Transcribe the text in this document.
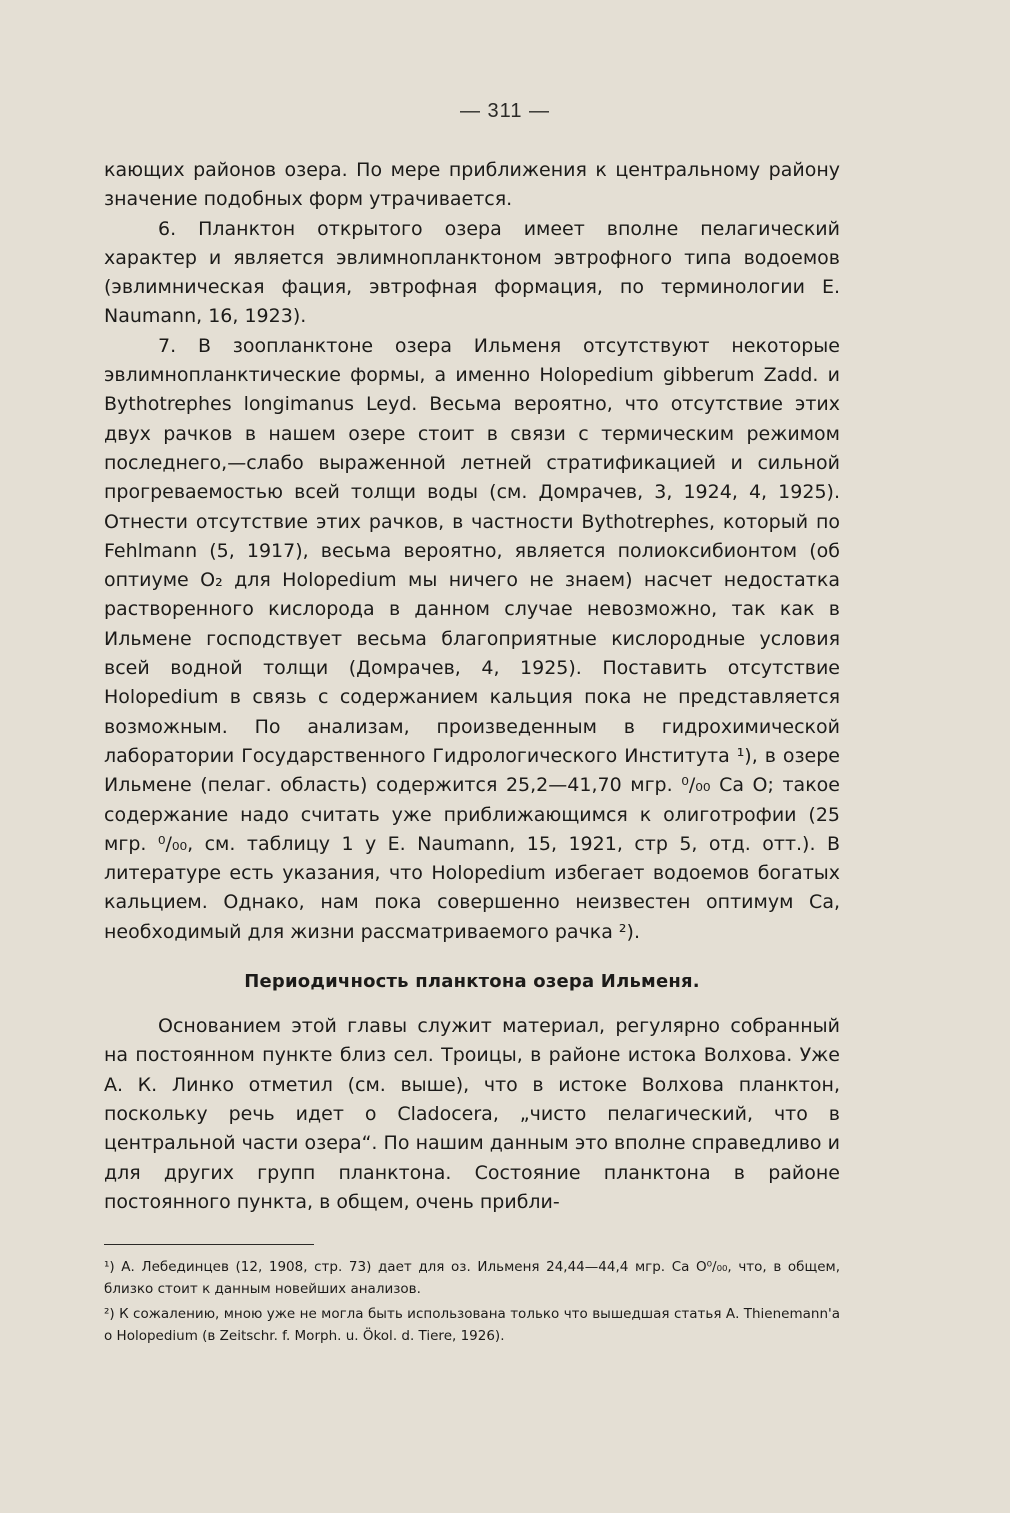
— 311 —

кающих районов озера. По мере приближения к центральному району значение подобных форм утрачивается.

6. Планктон открытого озера имеет вполне пелагический характер и является эвлимнопланктоном эвтрофного типа водоемов (эвлимническая фация, эвтрофная формация, по терминологии E. Naumann, 16, 1923).

7. В зоопланктоне озера Ильменя отсутствуют некоторые эвлимнопланктические формы, а именно Holopedium gibberum Zadd. и Bythotrephes longimanus Leyd. Весьма вероятно, что отсутствие этих двух рачков в нашем озере стоит в связи с термическим режимом последнего,—слабо выраженной летней стратификацией и сильной прогреваемостью всей толщи воды (см. Домрачев, 3, 1924, 4, 1925). Отнести отсутствие этих рачков, в частности Bythotrephes, который по Fehlmann (5, 1917), весьма вероятно, является полиоксибионтом (об оптиуме O₂ для Holopedium мы ничего не знаем) насчет недостатка растворенного кислорода в данном случае невозможно, так как в Ильмене господствует весьма благоприятные кислородные условия всей водной толщи (Домрачев, 4, 1925). Поставить отсутствие Holopedium в связь с содержанием кальция пока не представляется возможным. По анализам, произведенным в гидрохимической лаборатории Государственного Гидрологического Института ¹), в озере Ильмене (пелаг. область) содержится 25,2—41,70 мгр. ⁰/₀₀ Ca O; такое содержание надо считать уже приближающимся к олиготрофии (25 мгр. ⁰/₀₀, см. таблицу 1 у E. Naumann, 15, 1921, стр 5, отд. отт.). В литературе есть указания, что Holopedium избегает водоемов богатых кальцием. Однако, нам пока совершенно неизвестен оптимум Ca, необходимый для жизни рассматриваемого рачка ²).

Периодичность планктона озера Ильменя.

Основанием этой главы служит материал, регулярно собранный на постоянном пункте близ сел. Троицы, в районе истока Волхова. Уже А. К. Линко отметил (см. выше), что в истоке Волхова планктон, поскольку речь идет о Cladocera, „чисто пелагический, что в центральной части озера“. По нашим данным это вполне справедливо и для других групп планктона. Состояние планктона в районе постоянного пункта, в общем, очень прибли-

¹) А. Лебединцев (12, 1908, стр. 73) дает для оз. Ильменя 24,44—44,4 мгр. Ca O⁰/₀₀, что, в общем, близко стоит к данным новейших анализов.

²) К сожалению, мною уже не могла быть использована только что вышедшая статья А. Thienemann'a о Holopedium (в Zeitschr. f. Morph. u. Ökol. d. Tiere, 1926).
